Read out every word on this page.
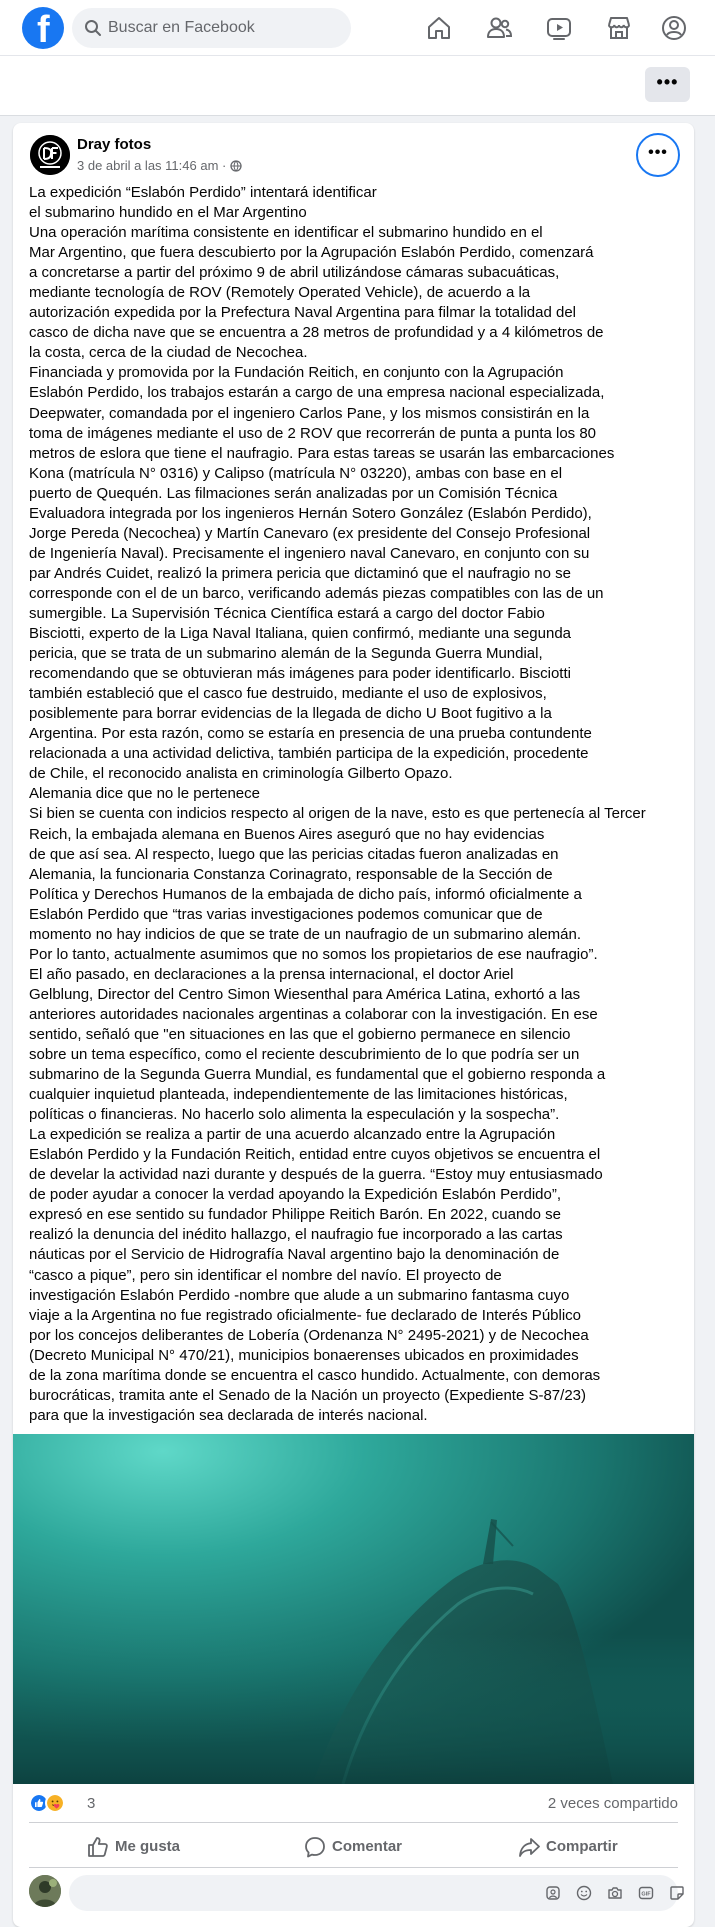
f
Buscar en Facebook
•••
Dray fotos
3 de abril a las 11:46 am ·
•••
La expedición “Eslabón Perdido” intentará identificar
el submarino hundido en el Mar Argentino
Una operación marítima consistente en identificar el submarino hundido en el
Mar Argentino, que fuera descubierto por la Agrupación Eslabón Perdido, comenzará
a concretarse a partir del próximo 9 de abril utilizándose cámaras subacuáticas,
mediante tecnología de ROV (Remotely Operated Vehicle), de acuerdo a la
autorización expedida por la Prefectura Naval Argentina para filmar la totalidad del
casco de dicha nave que se encuentra a 28 metros de profundidad y a 4 kilómetros de
la costa, cerca de la ciudad de Necochea.
Financiada y promovida por la Fundación Reitich, en conjunto con la Agrupación
Eslabón Perdido, los trabajos estarán a cargo de una empresa nacional especializada,
Deepwater, comandada por el ingeniero Carlos Pane, y los mismos consistirán en la
toma de imágenes mediante el uso de 2 ROV que recorrerán de punta a punta los 80
metros de eslora que tiene el naufragio. Para estas tareas se usarán las embarcaciones
Kona (matrícula N° 0316) y Calipso (matrícula N° 03220), ambas con base en el
puerto de Quequén. Las filmaciones serán analizadas por un Comisión Técnica
Evaluadora integrada por los ingenieros Hernán Sotero González (Eslabón Perdido),
Jorge Pereda (Necochea) y Martín Canevaro (ex presidente del Consejo Profesional
de Ingeniería Naval). Precisamente el ingeniero naval Canevaro, en conjunto con su
par Andrés Cuidet, realizó la primera pericia que dictaminó que el naufragio no se
corresponde con el de un barco, verificando además piezas compatibles con las de un
sumergible. La Supervisión Técnica Científica estará a cargo del doctor Fabio
Bisciotti, experto de la Liga Naval Italiana, quien confirmó, mediante una segunda
pericia, que se trata de un submarino alemán de la Segunda Guerra Mundial,
recomendando que se obtuvieran más imágenes para poder identificarlo. Bisciotti
también estableció que el casco fue destruido, mediante el uso de explosivos,
posiblemente para borrar evidencias de la llegada de dicho U Boot fugitivo a la
Argentina. Por esta razón, como se estaría en presencia de una prueba contundente
relacionada a una actividad delictiva, también participa de la expedición, procedente
de Chile, el reconocido analista en criminología Gilberto Opazo.
Alemania dice que no le pertenece
Si bien se cuenta con indicios respecto al origen de la nave, esto es que pertenecía al Tercer
Reich, la embajada alemana en Buenos Aires aseguró que no hay evidencias
de que así sea. Al respecto, luego que las pericias citadas fueron analizadas en
Alemania, la funcionaria Constanza Corinagrato, responsable de la Sección de
Política y Derechos Humanos de la embajada de dicho país, informó oficialmente a
Eslabón Perdido que “tras varias investigaciones podemos comunicar que de
momento no hay indicios de que se trate de un naufragio de un submarino alemán.
Por lo tanto, actualmente asumimos que no somos los propietarios de ese naufragio”.
El año pasado, en declaraciones a la prensa internacional, el doctor Ariel
Gelblung, Director del Centro Simon Wiesenthal para América Latina, exhortó a las
anteriores autoridades nacionales argentinas a colaborar con la investigación. En ese
sentido, señaló que "en situaciones en las que el gobierno permanece en silencio
sobre un tema específico, como el reciente descubrimiento de lo que podría ser un
submarino de la Segunda Guerra Mundial, es fundamental que el gobierno responda a
cualquier inquietud planteada, independientemente de las limitaciones históricas,
políticas o financieras. No hacerlo solo alimenta la especulación y la sospecha”.
La expedición se realiza a partir de una acuerdo alcanzado entre la Agrupación
Eslabón Perdido y la Fundación Reitich, entidad entre cuyos objetivos se encuentra el
de develar la actividad nazi durante y después de la guerra. “Estoy muy entusiasmado
de poder ayudar a conocer la verdad apoyando la Expedición Eslabón Perdido”,
expresó en ese sentido su fundador Philippe Reitich Barón. En 2022, cuando se
realizó la denuncia del inédito hallazgo, el naufragio fue incorporado a las cartas
náuticas por el Servicio de Hidrografía Naval argentino bajo la denominación de
“casco a pique”, pero sin identificar el nombre del navío. El proyecto de
investigación Eslabón Perdido -nombre que alude a un submarino fantasma cuyo
viaje a la Argentina no fue registrado oficialmente- fue declarado de Interés Público
por los concejos deliberantes de Lobería (Ordenanza N° 2495-2021) y de Necochea
(Decreto Municipal N° 470/21), municipios bonaerenses ubicados en proximidades
de la zona marítima donde se encuentra el casco hundido. Actualmente, con demoras
burocráticas, tramita ante el Senado de la Nación un proyecto (Expediente S-87/23)
para que la investigación sea declarada de interés nacional.
3	2 veces compartido
Me gusta	Comentar	Compartir
GIF
